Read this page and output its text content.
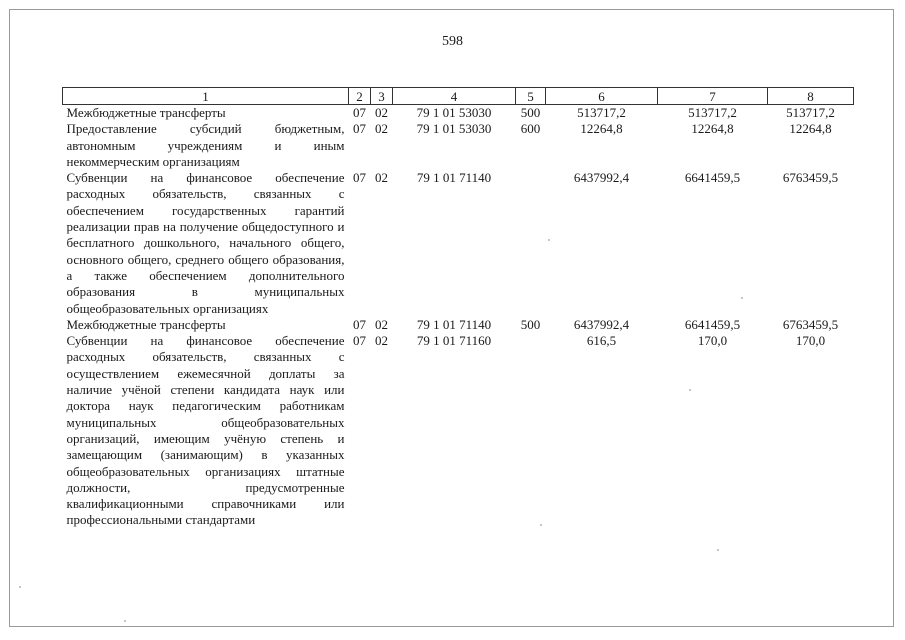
598
1	2	3	4	5	6	7	8
Межбюджетные трансферты	07	02	79 1 01 53030	500	513717,2	513717,2	513717,2
Предоставление субсидий бюджетным, автономным учреждениям и иным некоммерческим организациям	07	02	79 1 01 53030	600	12264,8	12264,8	12264,8
Субвенции на финансовое обеспечение расходных обязательств, связанных с обеспечением государственных гарантий реализации прав на получение общедоступного и бесплатного дошкольного, начального общего, основного общего, среднего общего образования, а также обеспечением дополнительного образования в муниципальных общеобразовательных организациях	07	02	79 1 01 71140		6437992,4	6641459,5	6763459,5
Межбюджетные трансферты	07	02	79 1 01 71140	500	6437992,4	6641459,5	6763459,5
Субвенции на финансовое обеспечение расходных обязательств, связанных с осуществлением ежемесячной доплаты за наличие учёной степени кандидата наук или доктора наук педагогическим работникам муниципальных общеобразовательных организаций, имеющим учёную степень и замещающим (занимающим) в указанных общеобразовательных организациях штатные должности, предусмотренные квалификационными справочниками или профессиональными стандартами	07	02	79 1 01 71160		616,5	170,0	170,0
